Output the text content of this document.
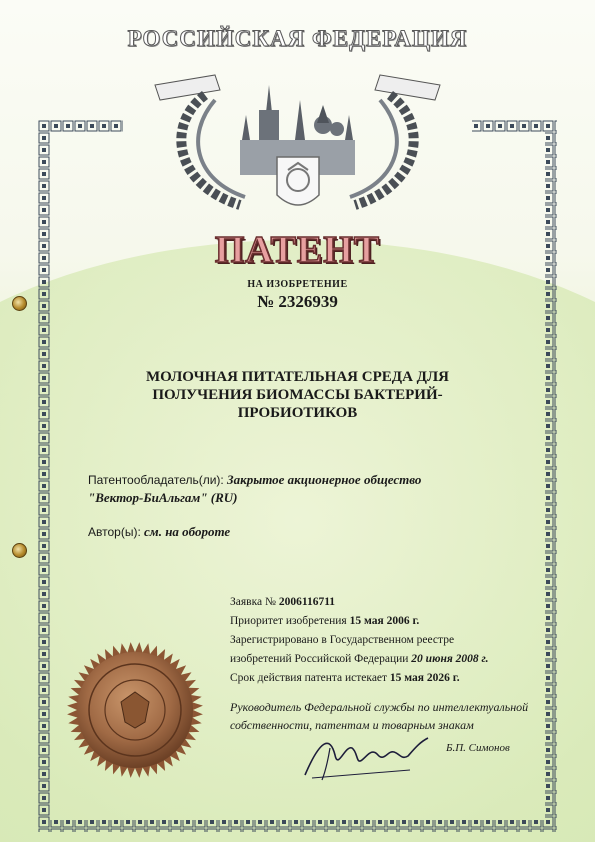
РОССИЙСКАЯ ФЕДЕРАЦИЯ
ПАТЕНТ
НА ИЗОБРЕТЕНИЕ
№ 2326939
МОЛОЧНАЯ ПИТАТЕЛЬНАЯ СРЕДА ДЛЯ
ПОЛУЧЕНИЯ БИОМАССЫ БАКТЕРИЙ-
ПРОБИОТИКОВ
Патентообладатель(ли): Закрытое акционерное общество
"Вектор-БиАльгам" (RU)
Автор(ы): см. на обороте
Заявка № 2006116711
Приоритет изобретения 15 мая 2006 г.
Зарегистрировано в Государственном реестре
изобретений Российской Федерации 20 июня 2008 г.
Срок действия патента истекает 15 мая 2026 г.
Руководитель Федеральной службы по интеллектуальной
собственности, патентам и товарным знакам
Б.П. Симонов
